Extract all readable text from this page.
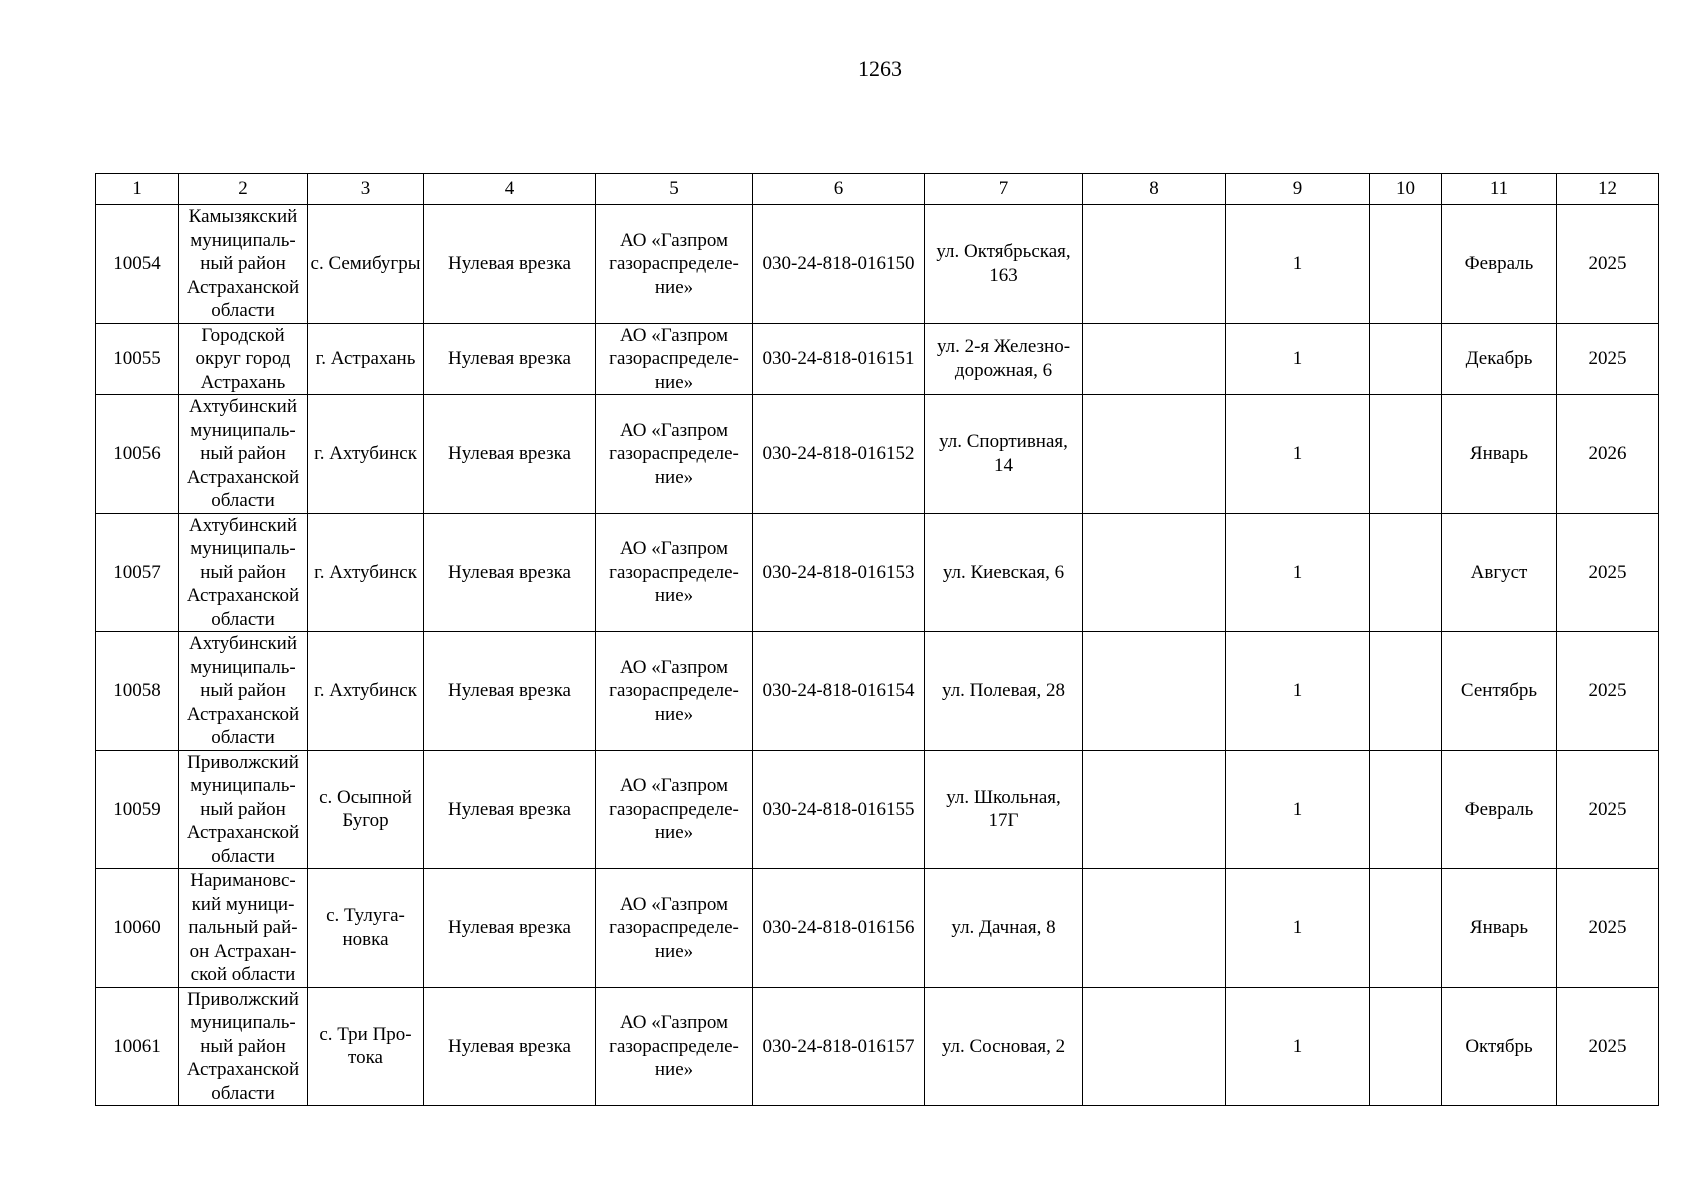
1263
1	2	3	4	5	6	7	8	9	10	11	12
10054	Камызякский
муниципаль-
ный район
Астраханской
области	с. Семибугры	Нулевая врезка	АО «Газпром
газораспределе-
ние»	030-24-818-016150	ул. Октябрьская,
163		1		Февраль	2025
10055	Городской
округ город
Астрахань	г. Астрахань	Нулевая врезка	АО «Газпром
газораспределе-
ние»	030-24-818-016151	ул. 2-я Железно-
дорожная, 6		1		Декабрь	2025
10056	Ахтубинский
муниципаль-
ный район
Астраханской
области	г. Ахтубинск	Нулевая врезка	АО «Газпром
газораспределе-
ние»	030-24-818-016152	ул. Спортивная,
14		1		Январь	2026
10057	Ахтубинский
муниципаль-
ный район
Астраханской
области	г. Ахтубинск	Нулевая врезка	АО «Газпром
газораспределе-
ние»	030-24-818-016153	ул. Киевская, 6		1		Август	2025
10058	Ахтубинский
муниципаль-
ный район
Астраханской
области	г. Ахтубинск	Нулевая врезка	АО «Газпром
газораспределе-
ние»	030-24-818-016154	ул. Полевая, 28		1		Сентябрь	2025
10059	Приволжский
муниципаль-
ный район
Астраханской
области	с. Осыпной
Бугор	Нулевая врезка	АО «Газпром
газораспределе-
ние»	030-24-818-016155	ул. Школьная,
17Г		1		Февраль	2025
10060	Наримановс-
кий муници-
пальный рай-
он Астрахан-
ской области	с. Тулуга-
новка	Нулевая врезка	АО «Газпром
газораспределе-
ние»	030-24-818-016156	ул. Дачная, 8		1		Январь	2025
10061	Приволжский
муниципаль-
ный район
Астраханской
области	с. Три Про-
тока	Нулевая врезка	АО «Газпром
газораспределе-
ние»	030-24-818-016157	ул. Сосновая, 2		1		Октябрь	2025
